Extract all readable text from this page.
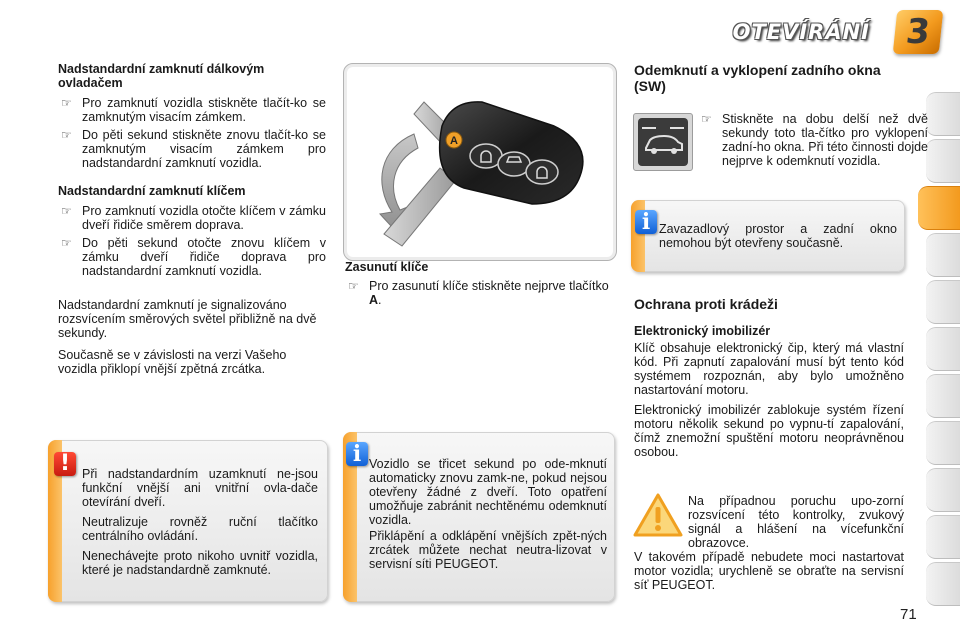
OTEVÍRÁNÍ	3
Nadstandardní zamknutí dálkovým ovladačem
☞ Pro zamknutí vozidla stiskněte tlačít-ko se zamknutým visacím zámkem.
☞ Do pěti sekund stiskněte znovu tlačít-ko se zamknutým visacím zámkem pro nadstandardní zamknutí vozidla.
Nadstandardní zamknutí klíčem
☞ Pro zamknutí vozidla otočte klíčem v zámku dveří řidiče směrem doprava.
☞ Do pěti sekund otočte znovu klíčem v zámku dveří řidiče doprava pro nadstandardní zamknutí vozidla.

Nadstandardní zamknutí je signalizováno rozsvícením směrových světel přibližně na dvě sekundy.

Současně se v závislosti na verzi Vašeho vozidla přiklopí vnější zpětná zrcátka.

! Při nadstandardním uzamknutí ne-jsou funkční vnější ani vnitřní ovla-dače otevírání dveří.

Neutralizuje rovněž ruční tlačítko centrálního ovládání.

Nenechávejte proto nikoho uvnitř vozidla, které je nadstandardně zamknuté.

A
Zasunutí klíče
☞ Pro zasunutí klíče stiskněte nejprve tlačítko A.
i Vozidlo se třicet sekund po ode-mknutí automaticky znovu zamk-ne, pokud nejsou otevřeny žádné z dveří. Toto opatření umožňuje zabránit nechtěnému odemknutí vozidla.

Přiklápění a odklápění vnějších zpět-ných zrcátek můžete nechat neutra-lizovat v servisní síti PEUGEOT.

Odemknutí a vyklopení zadního okna (SW)
☞ Stiskněte na dobu delší než dvě sekundy toto tla-čítko pro vyklopení zadní-ho okna. Při této činnosti dojde nejprve k odemknutí vozidla.
i Zavazadlový prostor a zadní okno nemohou být otevřeny současně.
Ochrana proti krádeži
Elektronický imobilizér

Klíč obsahuje elektronický čip, který má vlastní kód. Při zapnutí zapalování musí být tento kód systémem rozpoznán, aby bylo umožněno nastartování motoru.

Elektronický imobilizér zablokuje systém řízení motoru několik sekund po vypnu-tí zapalování, čímž znemožní spuštění motoru neoprávněnou osobou.

Na případnou poruchu upo-zorní rozsvícení této kontrolky, zvukový signál a hlášení na vícefunkční obrazovce.
V takovém případě nebudete moci nastartovat motor vozidla; urychleně se obraťte na servisní síť PEUGEOT.
71
